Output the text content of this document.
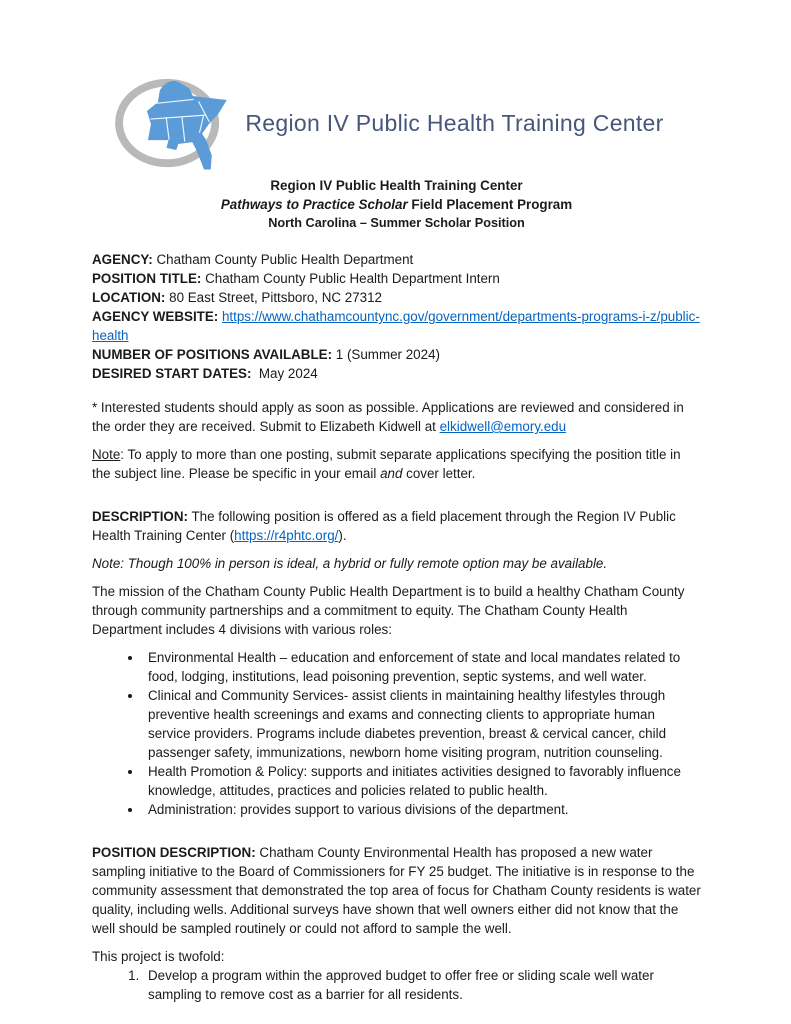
Region IV Public Health Training Center
Region IV Public Health Training Center
Pathways to Practice Scholar Field Placement Program
North Carolina – Summer Scholar Position

AGENCY: Chatham County Public Health Department

POSITION TITLE: Chatham County Public Health Department Intern

LOCATION: 80 East Street, Pittsboro, NC 27312

AGENCY WEBSITE: https://www.chathamcountync.gov/government/departments-programs-i-z/public-health

NUMBER OF POSITIONS AVAILABLE: 1 (Summer 2024)

DESIRED START DATES: May 2024

* Interested students should apply as soon as possible. Applications are reviewed and considered in the order they are received. Submit to Elizabeth Kidwell at elkidwell@emory.edu

Note: To apply to more than one posting, submit separate applications specifying the position title in the subject line. Please be specific in your email and cover letter.

DESCRIPTION: The following position is offered as a field placement through the Region IV Public Health Training Center (https://r4phtc.org/).

Note: Though 100% in person is ideal, a hybrid or fully remote option may be available.

The mission of the Chatham County Public Health Department is to build a healthy Chatham County through community partnerships and a commitment to equity. The Chatham County Health Department includes 4 divisions with various roles:

• Environmental Health – education and enforcement of state and local mandates related to food, lodging, institutions, lead poisoning prevention, septic systems, and well water.
• Clinical and Community Services- assist clients in maintaining healthy lifestyles through preventive health screenings and exams and connecting clients to appropriate human service providers. Programs include diabetes prevention, breast & cervical cancer, child passenger safety, immunizations, newborn home visiting program, nutrition counseling.
• Health Promotion & Policy: supports and initiates activities designed to favorably influence knowledge, attitudes, practices and policies related to public health.
• Administration: provides support to various divisions of the department.

POSITION DESCRIPTION: Chatham County Environmental Health has proposed a new water sampling initiative to the Board of Commissioners for FY 25 budget. The initiative is in response to the community assessment that demonstrated the top area of focus for Chatham County residents is water quality, including wells. Additional surveys have shown that well owners either did not know that the well should be sampled routinely or could not afford to sample the well.

This project is twofold:

1. Develop a program within the approved budget to offer free or sliding scale well water sampling to remove cost as a barrier for all residents.
